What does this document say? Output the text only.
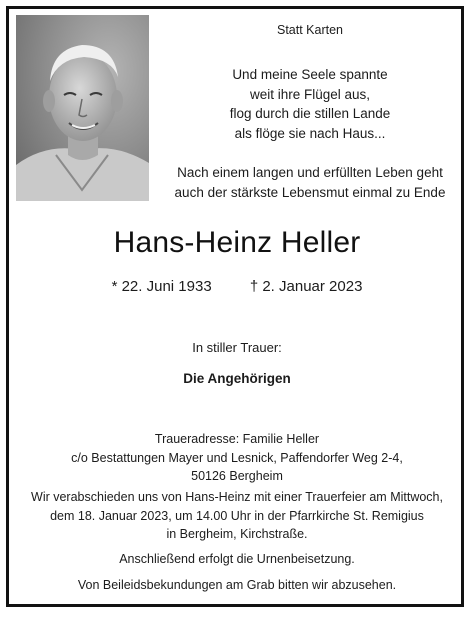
Statt Karten
Und meine Seele spannte
weit ihre Flügel aus,
flog durch die stillen Lande
als flöge sie nach Haus...
Nach einem langen und erfüllten Leben geht
auch der stärkste Lebensmut einmal zu Ende
Hans-Heinz Heller
* 22. Juni 1933	† 2. Januar 2023
In stiller Trauer:
Die Angehörigen
Traueradresse: Familie Heller
c/o Bestattungen Mayer und Lesnick, Paffendorfer Weg 2-4,
50126 Bergheim
Wir verabschieden uns von Hans-Heinz mit einer Trauerfeier am Mittwoch,
dem 18. Januar 2023, um 14.00 Uhr in der Pfarrkirche St. Remigius
in Bergheim, Kirchstraße.
Anschließend erfolgt die Urnenbeisetzung.
Von Beileidsbekundungen am Grab bitten wir abzusehen.
